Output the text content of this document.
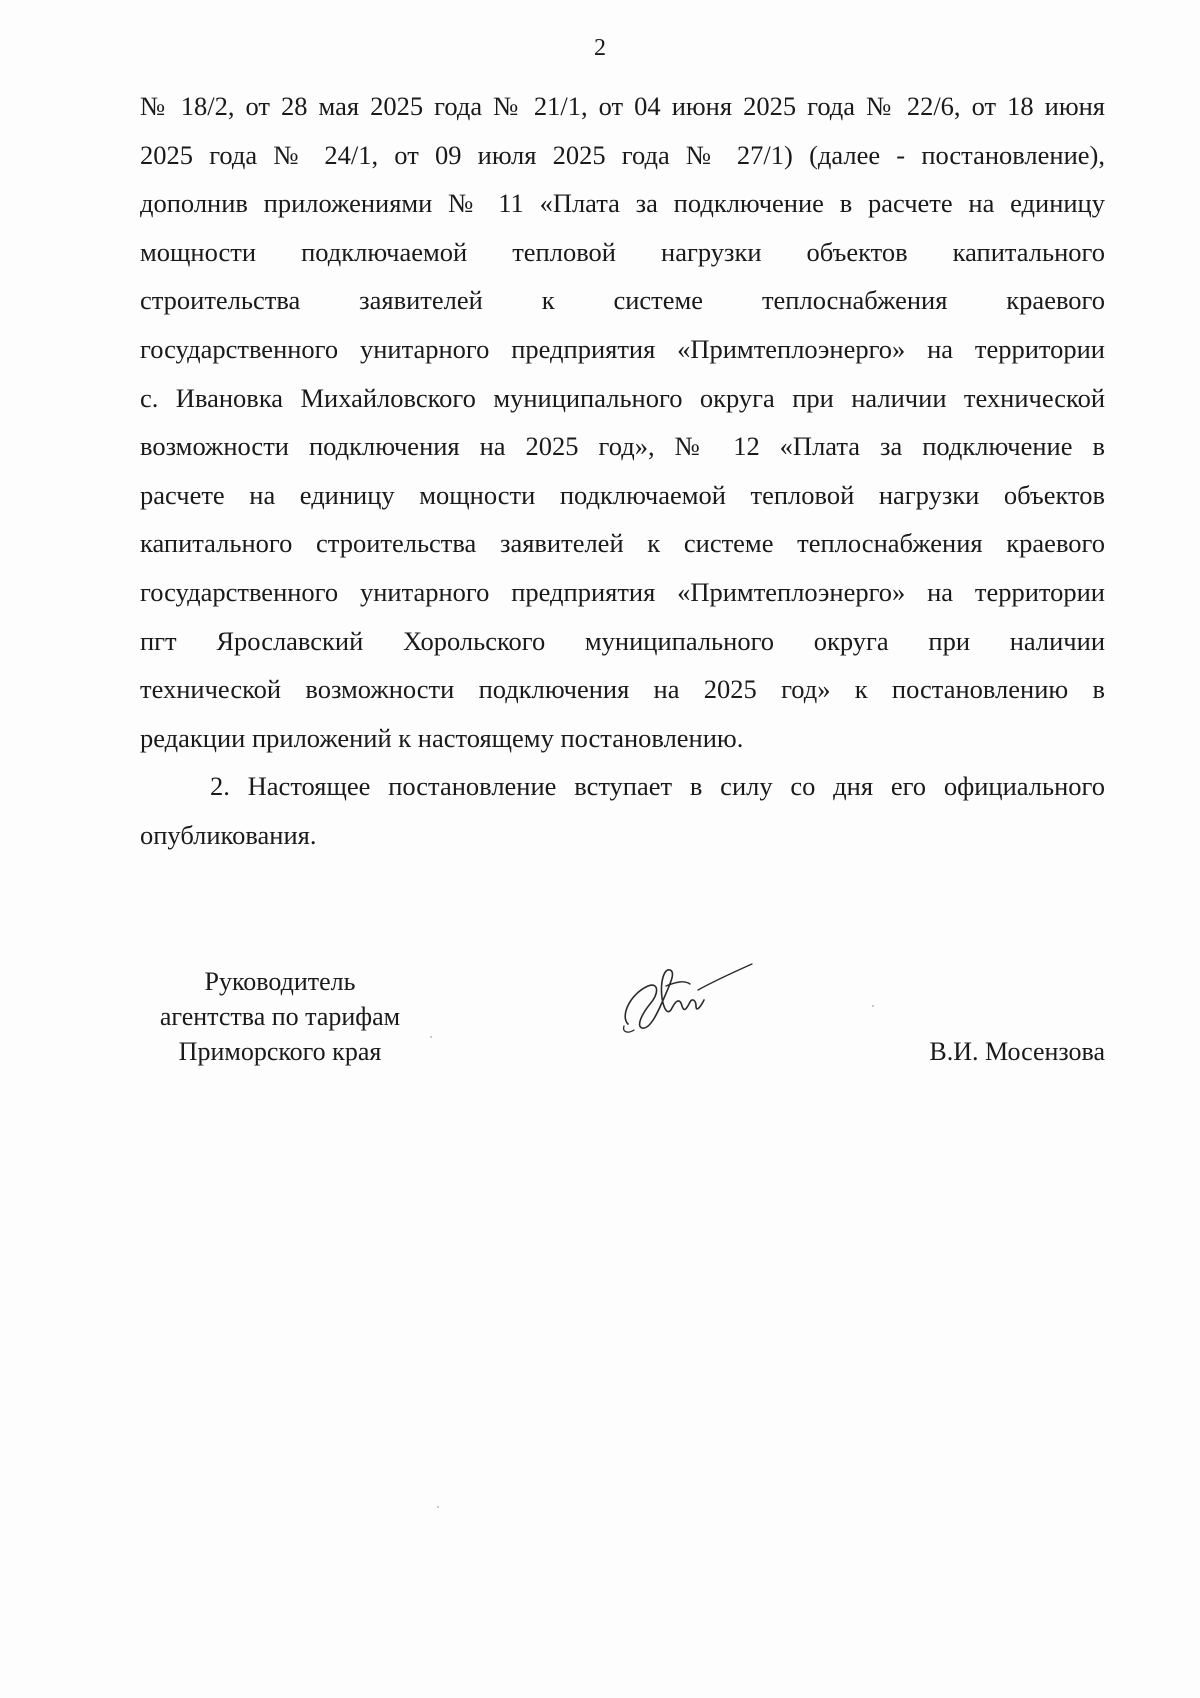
2
№ 18/2, от 28 мая 2025 года № 21/1, от 04 июня 2025 года № 22/6, от 18 июня
2025 года № 24/1, от 09 июля 2025 года № 27/1) (далее - постановление),
дополнив приложениями № 11 «Плата за подключение в расчете на единицу
мощности подключаемой тепловой нагрузки объектов капитального
строительства заявителей к системе теплоснабжения краевого
государственного унитарного предприятия «Примтеплоэнерго» на территории
с. Ивановка Михайловского муниципального округа при наличии технической
возможности подключения на 2025 год», № 12 «Плата за подключение в
расчете на единицу мощности подключаемой тепловой нагрузки объектов
капитального строительства заявителей к системе теплоснабжения краевого
государственного унитарного предприятия «Примтеплоэнерго» на территории
пгт Ярославский Хорольского муниципального округа при наличии
технической возможности подключения на 2025 год» к постановлению в
редакции приложений к настоящему постановлению.
2. Настоящее постановление вступает в силу со дня его официального
опубликования.
Руководитель
агентства по тарифам
Приморского края	В.И. Мосензова
